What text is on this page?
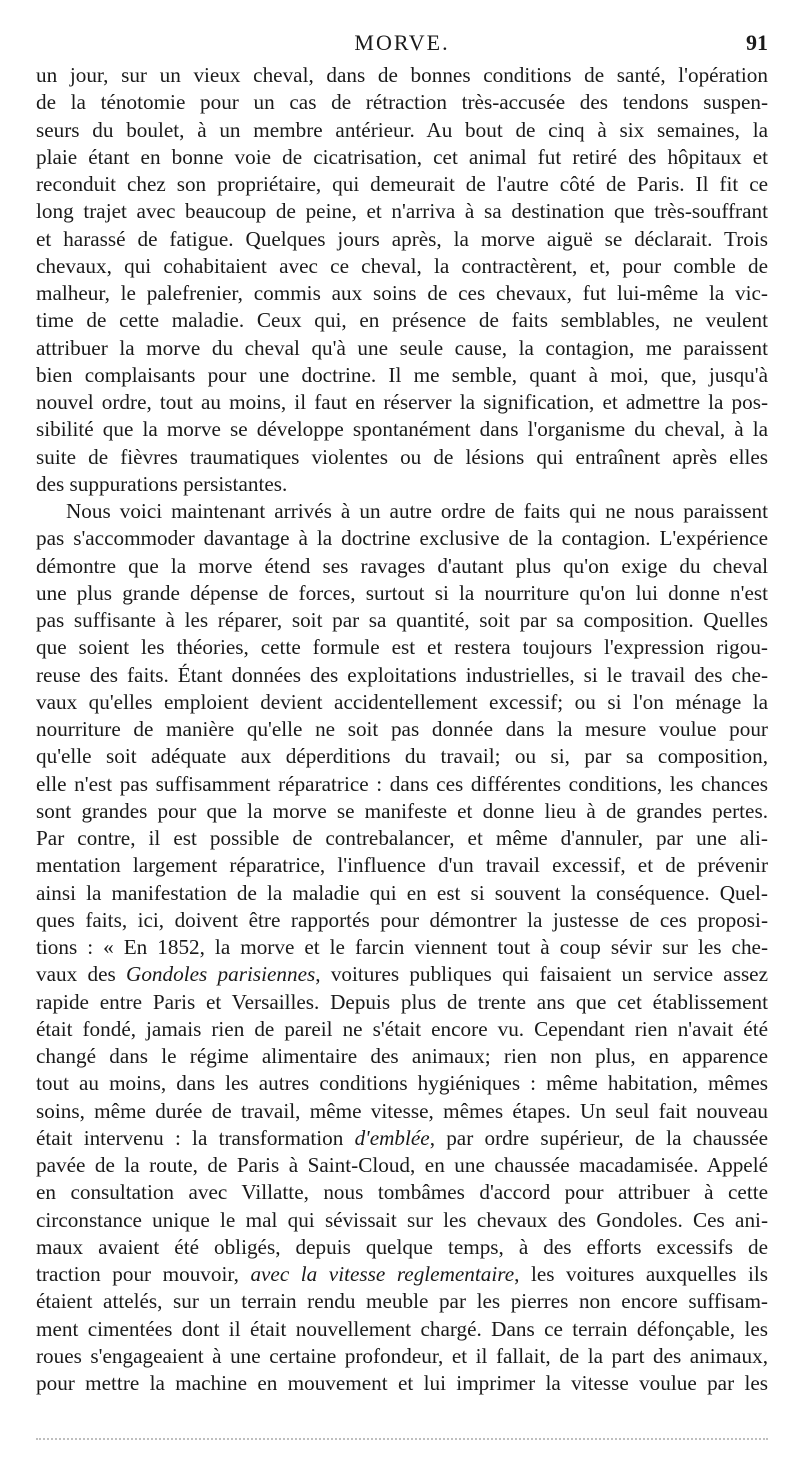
MORVE.	91
un jour, sur un vieux cheval, dans de bonnes conditions de santé, l'opération
de la ténotomie pour un cas de rétraction très-accusée des tendons suspen-
seurs du boulet, à un membre antérieur. Au bout de cinq à six semaines, la
plaie étant en bonne voie de cicatrisation, cet animal fut retiré des hôpitaux et
reconduit chez son propriétaire, qui demeurait de l'autre côté de Paris. Il fit ce
long trajet avec beaucoup de peine, et n'arriva à sa destination que très-souffrant
et harassé de fatigue. Quelques jours après, la morve aiguë se déclarait. Trois
chevaux, qui cohabitaient avec ce cheval, la contractèrent, et, pour comble de
malheur, le palefrenier, commis aux soins de ces chevaux, fut lui-même la vic-
time de cette maladie. Ceux qui, en présence de faits semblables, ne veulent
attribuer la morve du cheval qu'à une seule cause, la contagion, me paraissent
bien complaisants pour une doctrine. Il me semble, quant à moi, que, jusqu'à
nouvel ordre, tout au moins, il faut en réserver la signification, et admettre la pos-
sibilité que la morve se développe spontanément dans l'organisme du cheval, à la
suite de fièvres traumatiques violentes ou de lésions qui entraînent après elles
des suppurations persistantes.
Nous voici maintenant arrivés à un autre ordre de faits qui ne nous paraissent
pas s'accommoder davantage à la doctrine exclusive de la contagion. L'expérience
démontre que la morve étend ses ravages d'autant plus qu'on exige du cheval
une plus grande dépense de forces, surtout si la nourriture qu'on lui donne n'est
pas suffisante à les réparer, soit par sa quantité, soit par sa composition. Quelles
que soient les théories, cette formule est et restera toujours l'expression rigou-
reuse des faits. Étant données des exploitations industrielles, si le travail des che-
vaux qu'elles emploient devient accidentellement excessif; ou si l'on ménage la
nourriture de manière qu'elle ne soit pas donnée dans la mesure voulue pour
qu'elle soit adéquate aux déperditions du travail; ou si, par sa composition,
elle n'est pas suffisamment réparatrice : dans ces différentes conditions, les chances
sont grandes pour que la morve se manifeste et donne lieu à de grandes pertes.
Par contre, il est possible de contrebalancer, et même d'annuler, par une ali-
mentation largement réparatrice, l'influence d'un travail excessif, et de prévenir
ainsi la manifestation de la maladie qui en est si souvent la conséquence. Quel-
ques faits, ici, doivent être rapportés pour démontrer la justesse de ces proposi-
tions : « En 1852, la morve et le farcin viennent tout à coup sévir sur les che-
vaux des Gondoles parisiennes, voitures publiques qui faisaient un service assez
rapide entre Paris et Versailles. Depuis plus de trente ans que cet établissement
était fondé, jamais rien de pareil ne s'était encore vu. Cependant rien n'avait été
changé dans le régime alimentaire des animaux; rien non plus, en apparence
tout au moins, dans les autres conditions hygiéniques : même habitation, mêmes
soins, même durée de travail, même vitesse, mêmes étapes. Un seul fait nouveau
était intervenu : la transformation d'emblée, par ordre supérieur, de la chaussée
pavée de la route, de Paris à Saint-Cloud, en une chaussée macadamisée. Appelé
en consultation avec Villatte, nous tombâmes d'accord pour attribuer à cette
circonstance unique le mal qui sévissait sur les chevaux des Gondoles. Ces ani-
maux avaient été obligés, depuis quelque temps, à des efforts excessifs de
traction pour mouvoir, avec la vitesse reglementaire, les voitures auxquelles ils
étaient attelés, sur un terrain rendu meuble par les pierres non encore suffisam-
ment cimentées dont il était nouvellement chargé. Dans ce terrain défonçable, les
roues s'engageaient à une certaine profondeur, et il fallait, de la part des animaux,
pour mettre la machine en mouvement et lui imprimer la vitesse voulue par les
